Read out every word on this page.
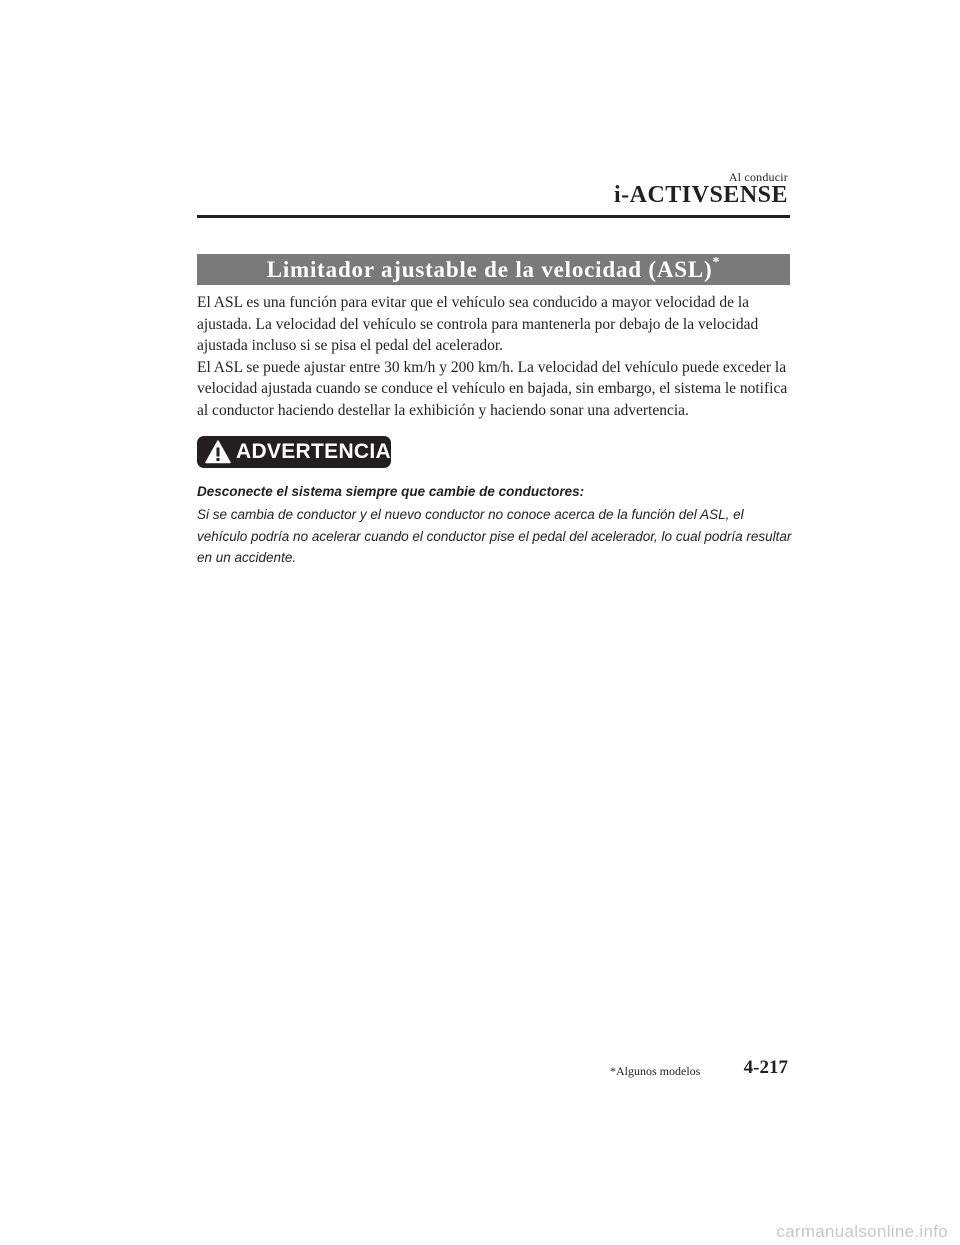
Al conducir
i-ACTIVSENSE
Limitador ajustable de la velocidad (ASL)*

El ASL es una función para evitar que el vehículo sea conducido a mayor velocidad de la ajustada. La velocidad del vehículo se controla para mantenerla por debajo de la velocidad ajustada incluso si se pisa el pedal del acelerador.

El ASL se puede ajustar entre 30 km/h y 200 km/h. La velocidad del vehículo puede exceder la velocidad ajustada cuando se conduce el vehículo en bajada, sin embargo, el sistema le notifica al conductor haciendo destellar la exhibición y haciendo sonar una advertencia.

ADVERTENCIA
Desconecte el sistema siempre que cambie de conductores:
Si se cambia de conductor y el nuevo conductor no conoce acerca de la función del ASL, el vehículo podría no acelerar cuando el conductor pise el pedal del acelerador, lo cual podría resultar en un accidente.
*Algunos modelos 4-217
carmanualsonline.info
